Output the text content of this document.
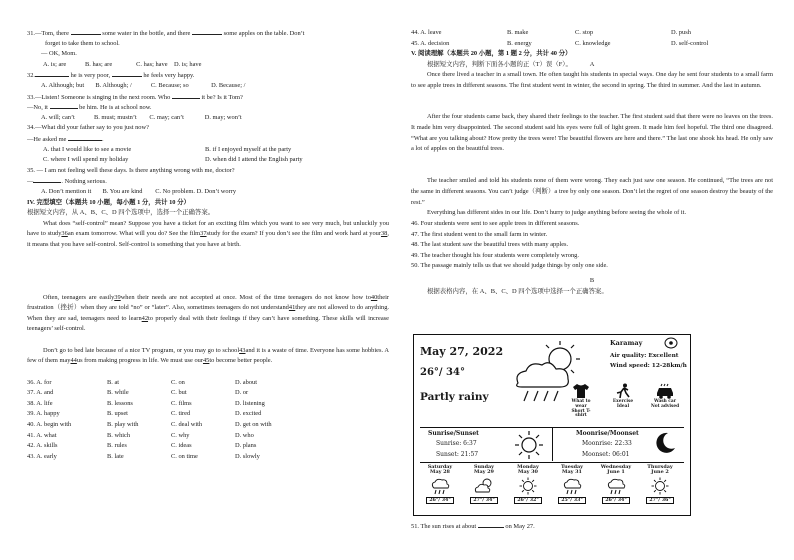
31.—Tom, there	some water in the bottle, and there	some apples on the table. Don’t
forget to take them to school.
— OK, Mom.
A. is; are	B. has; are	C. has; have D. is; have
32.	he is very poor,	he feels very happy.
A. Although; but B. Although; /	C. Because; so	D. Because; /
33.—Listen! Someone is singing in the next room. Who	it be? Is it Tom?
—No, it	be him. He is at school now.
A. will; can’t	B. must; mustn’t C. may; can’t	D. may; won’t
34.—What did your father say to you just now?
—He asked me	.
A. that I would like to see a movie	B. if I enjoyed myself at the party
C. where I will spend my holiday	D. when did I attend the English party
35. — I am not feeling well these days. Is there anything wrong with me, doctor?
—	. Nothing serious.
A. Don’t mention it B. You are kind C. No problem. D. Don’t worry
IV. 完型填空（本题共 10 小题，每小题 1 分，共计 10 分）
根据短文内容，从 A、B、C、D 四个选项中，选择一个正确答案。
What does “self-control” mean? Suppose you have a ticket for an exciting film which you want to see very much, but unluckily you have to study36an exam tomorrow. What will you do? See the film37study for the exam? If you don’t see the film and work hard at your38, it means that you have self-control. Self-control is something that you have at birth.
Often, teenagers are easily39when their needs are not accepted at once. Most of the time teenagers do not know how to40their frustration（挫折）when they are told “no” or “later”. Also, sometimes teenagers do not understand41they are not allowed to do anything. When they are sad, teenagers need to learn42to properly deal with their feelings if they can’t have something. These skills will increase teenagers’ self-control.
Don’t go to bed late because of a nice TV program, or you may go to school43and it is a waste of time. Everyone has some hobbies. A few of them may44us from making progress in life. We must use our45to become better people.
36. A. for	B. at	C. on	D. about
37. A. and	B. while	C. but	D. or
38. A. life	B. lessons	C. films	D. listening
39. A. happy	B. upset	C. tired	D. excited
40. A. begin with	B. play with	C. deal with	D. get on with
41. A. what	B. which	C. why	D. who
42. A. skills	B. rules	C. ideas	D. plans
43. A. early	B. late	C. on time	D. slowly
44. A. leave	B. make	C. stop	D. push
45. A. decision	B. energy	C. knowledge	D. self-control
V. 阅读理解（本题共 20 小题，第 1 题 2 分，共计 40 分）
A
根据短文内容，判断下面各小题的正（T）误（F）。
Once there lived a teacher in a small town. He often taught his students in special ways. One day he sent four students to a small farm to see apple trees in different seasons. The first student went in winter, the second in spring. The third in summer. And the last in autumn.
After the four students came back, they shared their feelings to the teacher. The first student said that there were no leaves on the trees. It made him very disappointed. The second student said his eyes were full of light green. It made him feel hopeful. The third one disagreed. “What are you talking about? How pretty the trees were! The beautiful flowers are here and there.” The last one shook his head. He only saw a lot of apples on the beautiful trees.
The teacher smiled and told his students none of them were wrong. They each just saw one season. He continued, “The trees are not the same in different seasons. You can’t judge（判断）a tree by only one season. Don’t let the regret of one season destroy the beauty of the rest.”
Everything has different sides in our life. Don’t hurry to judge anything before seeing the whole of it.
46. Four students were sent to see apple trees in different seasons.
47. The first student went to the small farm in winter.
48. The last student saw the beautiful trees with many apples.
49. The teacher thought his four students were completely wrong.
50. The passage mainly tells us that we should judge things by only one side.
B
根据表格内容，在 A、B、C、D 四个选项中选择一个正确答案。
May 27, 2022
26°/ 34°
Partly rainy
Karamay
Air quality: Excellent
Wind speed: 12-28km/h
What to wear
Short T-shirt
Exercise
Ideal
Wash car
Not advised
Sunrise/Sunset
Sunrise: 6:37
Sunset: 21:57
Moonrise/Moonset
Moonrise: 22:33
Moonset: 06:01
Saturday
May 28
26°/ 34°
Sunday
May 29
27°/ 34°
Monday
May 30
26°/ 32°
Tuesday
May 31
25°/ 33°
Wednesday
June 1
26°/ 34°
Thursday
June 2
27°/ 36°
51. The sun rises at about	on May 27.
